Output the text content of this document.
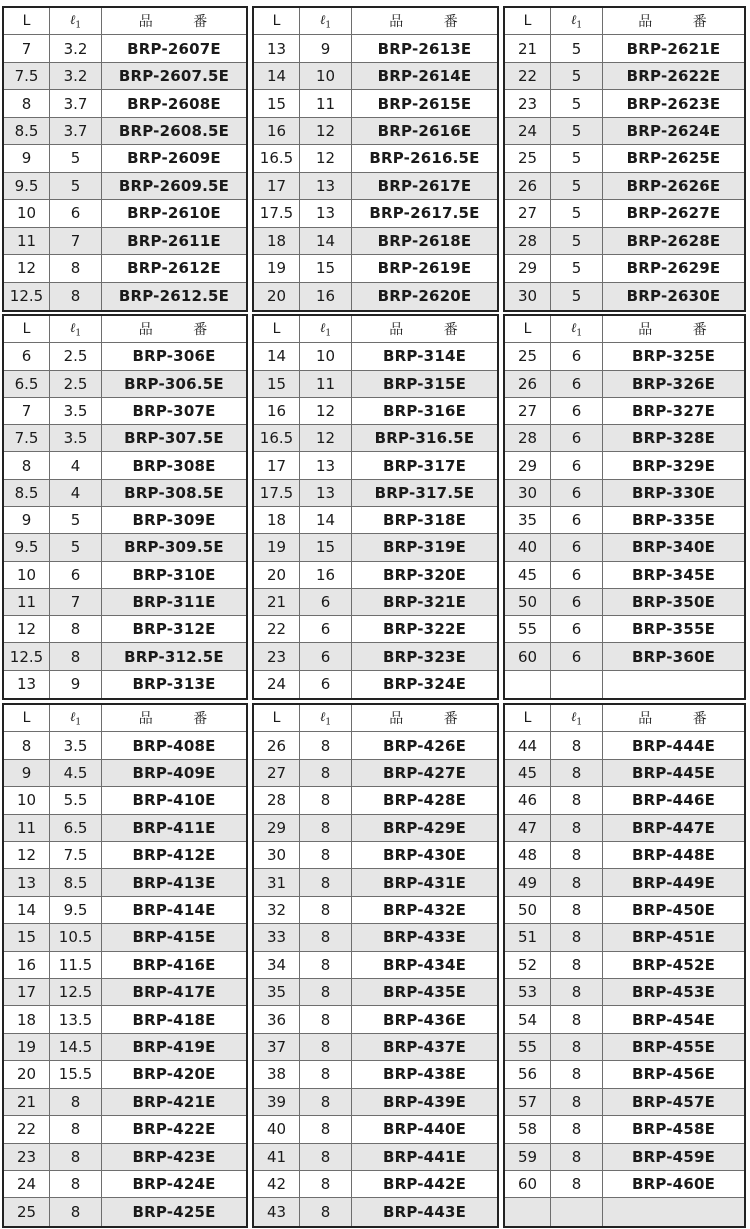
L	ℓ$_1$	品 番
7	3.2	BRP-2607E
7.5	3.2	BRP-2607.5E
8	3.7	BRP-2608E
8.5	3.7	BRP-2608.5E
9	5	BRP-2609E
9.5	5	BRP-2609.5E
10	6	BRP-2610E
11	7	BRP-2611E
12	8	BRP-2612E
12.5	8	BRP-2612.5E
L	ℓ$_1$	品 番
13	9	BRP-2613E
14	10	BRP-2614E
15	11	BRP-2615E
16	12	BRP-2616E
16.5	12	BRP-2616.5E
17	13	BRP-2617E
17.5	13	BRP-2617.5E
18	14	BRP-2618E
19	15	BRP-2619E
20	16	BRP-2620E
L	ℓ$_1$	品 番
21	5	BRP-2621E
22	5	BRP-2622E
23	5	BRP-2623E
24	5	BRP-2624E
25	5	BRP-2625E
26	5	BRP-2626E
27	5	BRP-2627E
28	5	BRP-2628E
29	5	BRP-2629E
30	5	BRP-2630E
L	ℓ$_1$	品 番
6	2.5	BRP-306E
6.5	2.5	BRP-306.5E
7	3.5	BRP-307E
7.5	3.5	BRP-307.5E
8	4	BRP-308E
8.5	4	BRP-308.5E
9	5	BRP-309E
9.5	5	BRP-309.5E
10	6	BRP-310E
11	7	BRP-311E
12	8	BRP-312E
12.5	8	BRP-312.5E
13	9	BRP-313E
L	ℓ$_1$	品 番
14	10	BRP-314E
15	11	BRP-315E
16	12	BRP-316E
16.5	12	BRP-316.5E
17	13	BRP-317E
17.5	13	BRP-317.5E
18	14	BRP-318E
19	15	BRP-319E
20	16	BRP-320E
21	6	BRP-321E
22	6	BRP-322E
23	6	BRP-323E
24	6	BRP-324E
L	ℓ$_1$	品 番
25	6	BRP-325E
26	6	BRP-326E
27	6	BRP-327E
28	6	BRP-328E
29	6	BRP-329E
30	6	BRP-330E
35	6	BRP-335E
40	6	BRP-340E
45	6	BRP-345E
50	6	BRP-350E
55	6	BRP-355E
60	6	BRP-360E
L	ℓ$_1$	品 番
8	3.5	BRP-408E
9	4.5	BRP-409E
10	5.5	BRP-410E
11	6.5	BRP-411E
12	7.5	BRP-412E
13	8.5	BRP-413E
14	9.5	BRP-414E
15	10.5	BRP-415E
16	11.5	BRP-416E
17	12.5	BRP-417E
18	13.5	BRP-418E
19	14.5	BRP-419E
20	15.5	BRP-420E
21	8	BRP-421E
22	8	BRP-422E
23	8	BRP-423E
24	8	BRP-424E
25	8	BRP-425E
L	ℓ$_1$	品 番
26	8	BRP-426E
27	8	BRP-427E
28	8	BRP-428E
29	8	BRP-429E
30	8	BRP-430E
31	8	BRP-431E
32	8	BRP-432E
33	8	BRP-433E
34	8	BRP-434E
35	8	BRP-435E
36	8	BRP-436E
37	8	BRP-437E
38	8	BRP-438E
39	8	BRP-439E
40	8	BRP-440E
41	8	BRP-441E
42	8	BRP-442E
43	8	BRP-443E
L	ℓ$_1$	品 番
44	8	BRP-444E
45	8	BRP-445E
46	8	BRP-446E
47	8	BRP-447E
48	8	BRP-448E
49	8	BRP-449E
50	8	BRP-450E
51	8	BRP-451E
52	8	BRP-452E
53	8	BRP-453E
54	8	BRP-454E
55	8	BRP-455E
56	8	BRP-456E
57	8	BRP-457E
58	8	BRP-458E
59	8	BRP-459E
60	8	BRP-460E
